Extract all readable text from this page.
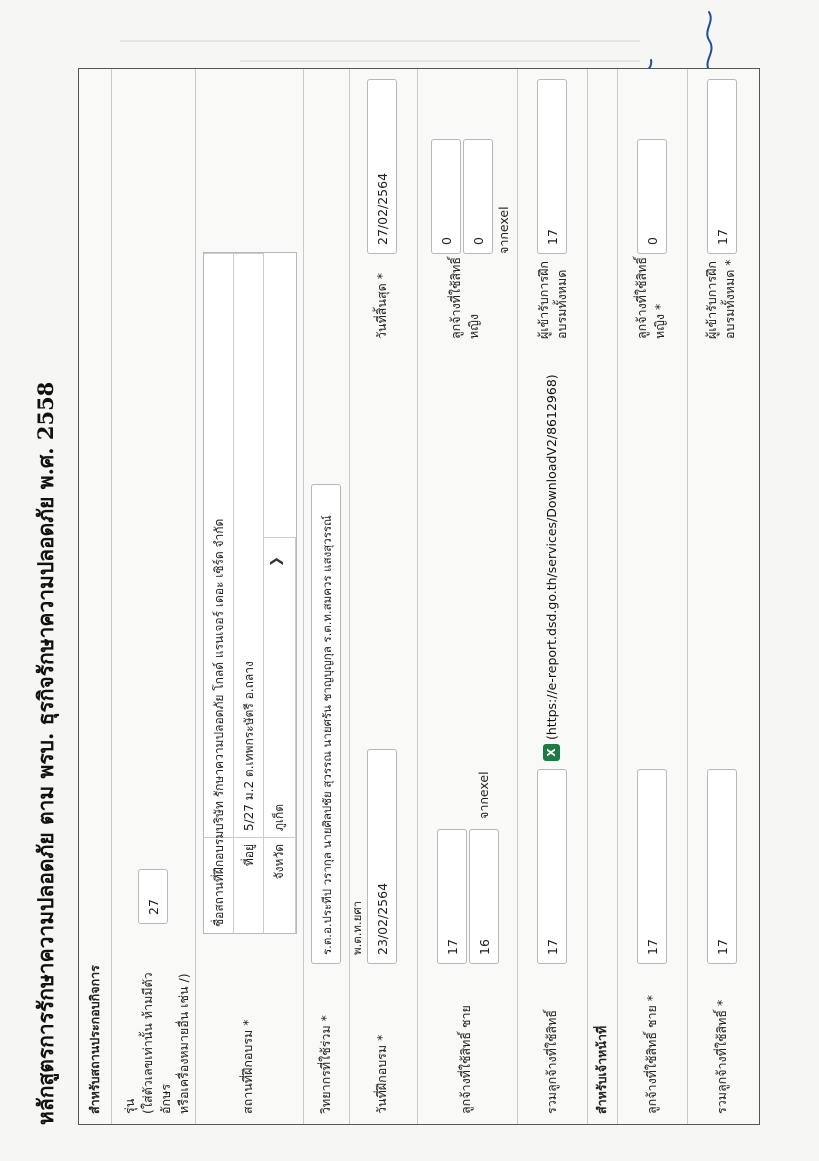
หลักสูตรการรักษาความปลอดภัย ตาม พรบ. ธุรกิจรักษาความปลอดภัย พ.ศ. 2558	สำหรับสถานประกอบกิจการ รุ่น
(ใส่ตัวเลขเท่านั้น ห้ามมีตัวอักษร
หรือเครื่องหมายอื่น เช่น /)
27
สถานที่ฝึกอบรม *
ชื่อสถานที่ฝึกอบรม
บริษัท รักษาความปลอดภัย โกลด์ แรนเจอร์ เดอะ เซิร์ด จำกัด
ที่อยู่
5/27 ม.2 ต.เทพกระษัตรี อ.ถลาง
จังหวัด
ภูเก็ต
❯
วิทยากรที่ใช้ร่วม *
ร.ต.อ.ประทีป วรากุล นายศิลปชัย สุวรรณ นายศรัน ชาญบุญกุล ร.ต.ท.สมควร แสงสุวรรณ์ พ.ต.ท.ยศา
วันที่ฝึกอบรม *
23/02/2564
วันที่สิ้นสุด *
27/02/2564
ลูกจ้างที่ใช้สิทธิ์ ชาย
17	16
จากexel
ลูกจ้างที่ใช้สิทธิ์
หญิง
0	0 จากexel
รวมลูกจ้างที่ใช้สิทธิ์
17
X
(https://e-report.dsd.go.th/services/DownloadV2/8612968)
ผู้เข้ารับการฝึก
อบรมทั้งหมด
17
สำหรับเจ้าหน้าที่	ลูกจ้างที่ใช้สิทธิ์ ชาย *
17
ลูกจ้างที่ใช้สิทธิ์
หญิง *
0
รวมลูกจ้างที่ใช้สิทธิ์ *
17
ผู้เข้ารับการฝึก
อบรมทั้งหมด *
17
